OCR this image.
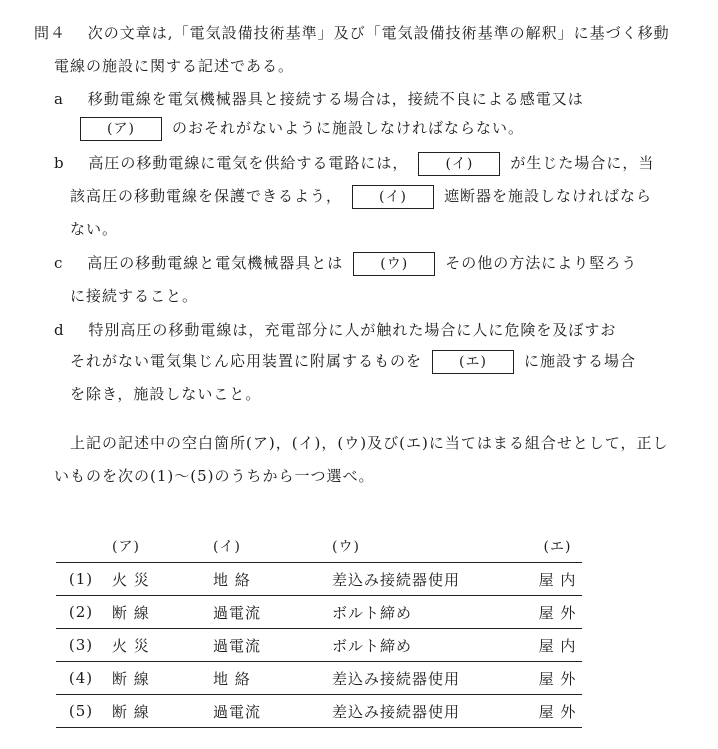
問４ 次の文章は,「電気設備技術基準」及び「電気設備技術基準の解釈」に基づく移動
電線の施設に関する記述である。
a 移動電線を電気機械器具と接続する場合は，接続不良による感電又は
(ア) のおそれがないように施設しなければならない。
b 高圧の移動電線に電気を供給する電路には，	(イ) が生じた場合に，当
該高圧の移動電線を保護できるよう，	(イ) 遮断器を施設しなければなら
ない。
c 高圧の移動電線と電気機械器具とは	(ウ) その他の方法により堅ろう
に接続すること。
d 特別高圧の移動電線は，充電部分に人が触れた場合に人に危険を及ぼすお
それがない電気集じん応用装置に附属するものを	(エ) に施設する場合
を除き，施設しないこと。
上記の記述中の空白箇所(ア)，(イ)，(ウ)及び(エ)に当てはまる組合せとして，正し
いものを次の(1)～(5)のうちから一つ選べ。
	(ア)	(イ)	(ウ)	(エ)
(1)	火 災	地 絡	差込み接続器使用	屋 内
(2)	断 線	過電流	ボルト締め	屋 外
(3)	火 災	過電流	ボルト締め	屋 内
(4)	断 線	地 絡	差込み接続器使用	屋 外
(5)	断 線	過電流	差込み接続器使用	屋 外
